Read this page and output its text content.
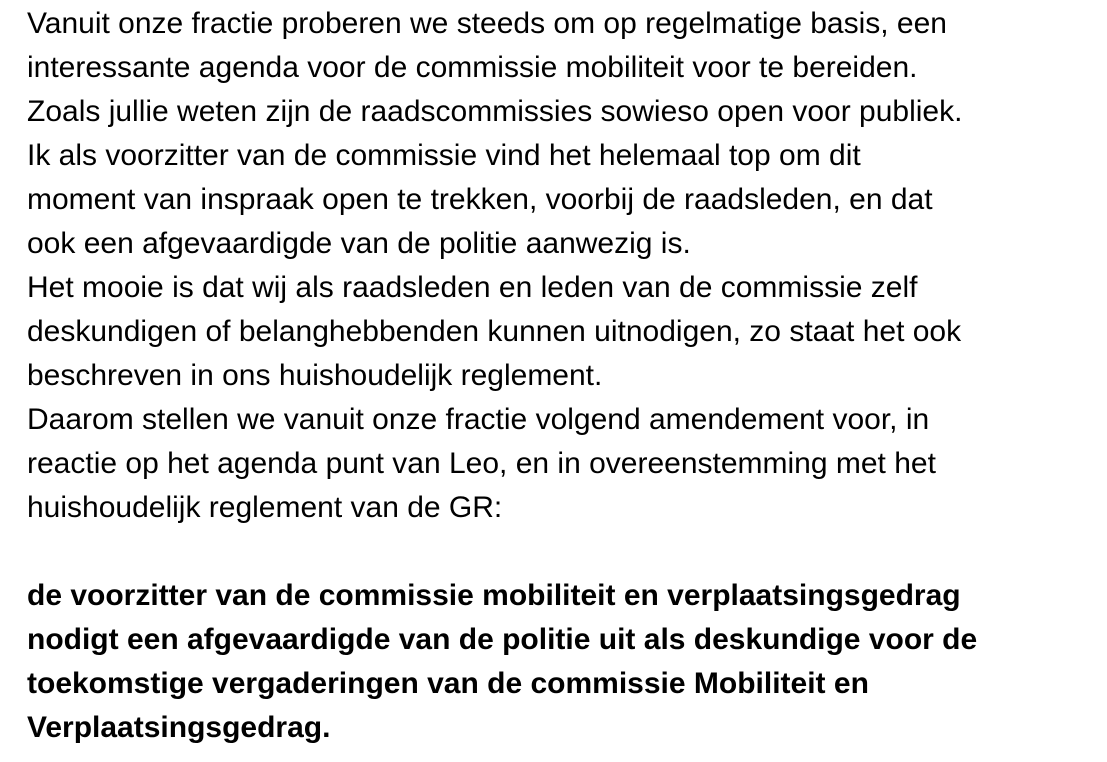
Vanuit onze fractie proberen we steeds om op regelmatige basis, een
interessante agenda voor de commissie mobiliteit voor te bereiden.
Zoals jullie weten zijn de raadscommissies sowieso open voor publiek.
Ik als voorzitter van de commissie vind het helemaal top om dit
moment van inspraak open te trekken, voorbij de raadsleden, en dat
ook een afgevaardigde van de politie aanwezig is.
Het mooie is dat wij als raadsleden en leden van de commissie zelf
deskundigen of belanghebbenden kunnen uitnodigen, zo staat het ook
beschreven in ons huishoudelijk reglement.
Daarom stellen we vanuit onze fractie volgend amendement voor, in
reactie op het agenda punt van Leo, en in overeenstemming met het
huishoudelijk reglement van de GR:
de voorzitter van de commissie mobiliteit en verplaatsingsgedrag
nodigt een afgevaardigde van de politie uit als deskundige voor de
toekomstige vergaderingen van de commissie Mobiliteit en
Verplaatsingsgedrag.
